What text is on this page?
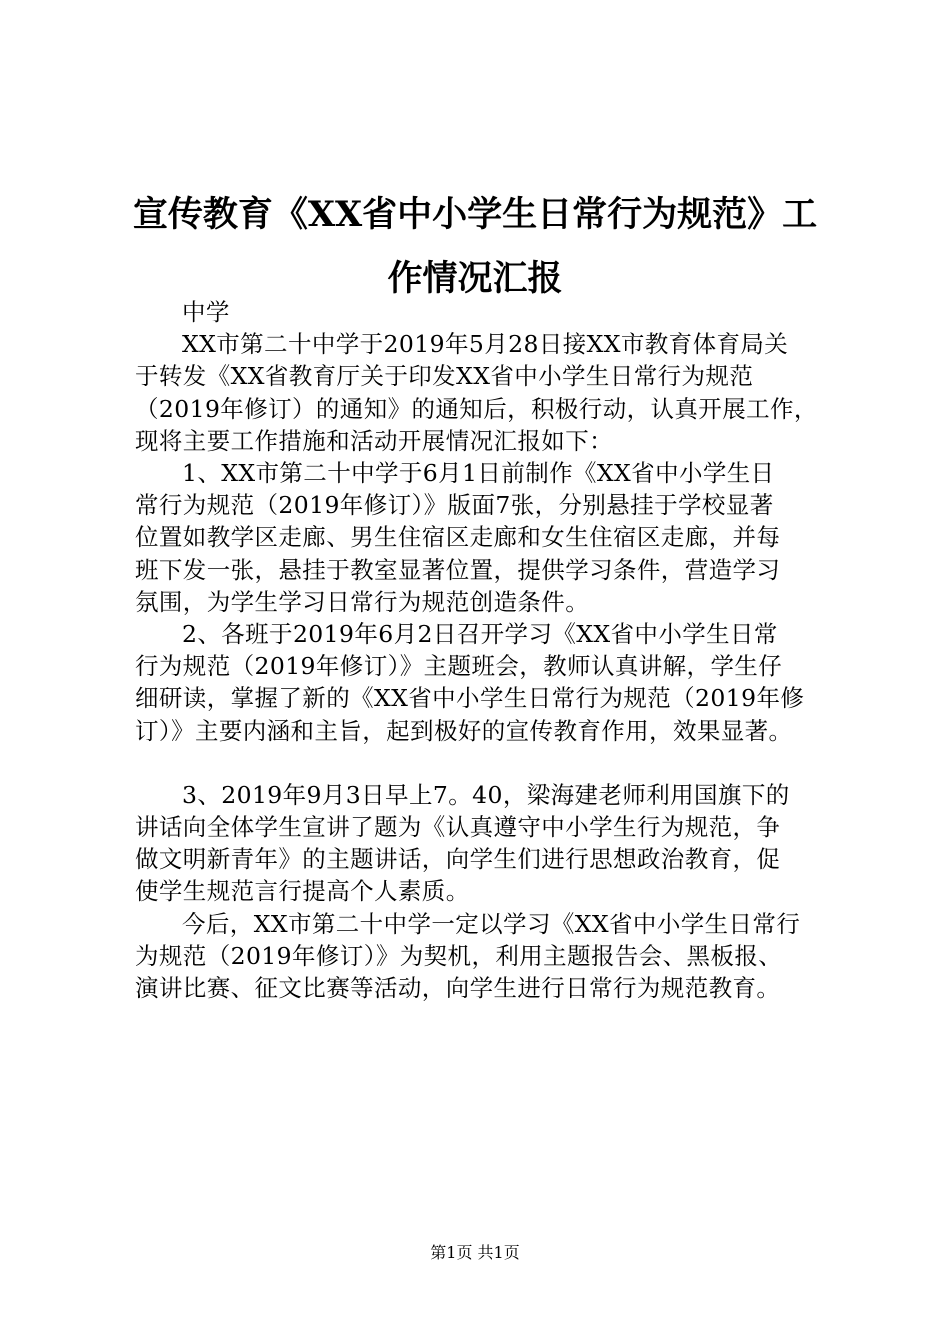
宣传教育《XX省中小学生日常行为规范》工
作情况汇报

中学

XX市第二十中学于2019年5月28日接XX市教育体育局关
于转发《XX省教育厅关于印发XX省中小学生日常行为规范
（2019年修订）的通知》的通知后，积极行动，认真开展工作，
现将主要工作措施和活动开展情况汇报如下：

1、XX市第二十中学于6月1日前制作《XX省中小学生日
常行为规范（2019年修订）》版面7张，分别悬挂于学校显著
位置如教学区走廊、男生住宿区走廊和女生住宿区走廊，并每
班下发一张，悬挂于教室显著位置，提供学习条件，营造学习
氛围，为学生学习日常行为规范创造条件。

2、各班于2019年6月2日召开学习《XX省中小学生日常
行为规范（2019年修订）》主题班会，教师认真讲解，学生仔
细研读，掌握了新的《XX省中小学生日常行为规范（2019年修
订）》主要内涵和主旨，起到极好的宣传教育作用，效果显著。

3、2019年9月3日早上7。40，梁海建老师利用国旗下的
讲话向全体学生宣讲了题为《认真遵守中小学生行为规范，争
做文明新青年》的主题讲话，向学生们进行思想政治教育，促
使学生规范言行提高个人素质。

今后，XX市第二十中学一定以学习《XX省中小学生日常行
为规范（2019年修订）》为契机，利用主题报告会、黑板报、
演讲比赛、征文比赛等活动，向学生进行日常行为规范教育。

第1页 共1页
